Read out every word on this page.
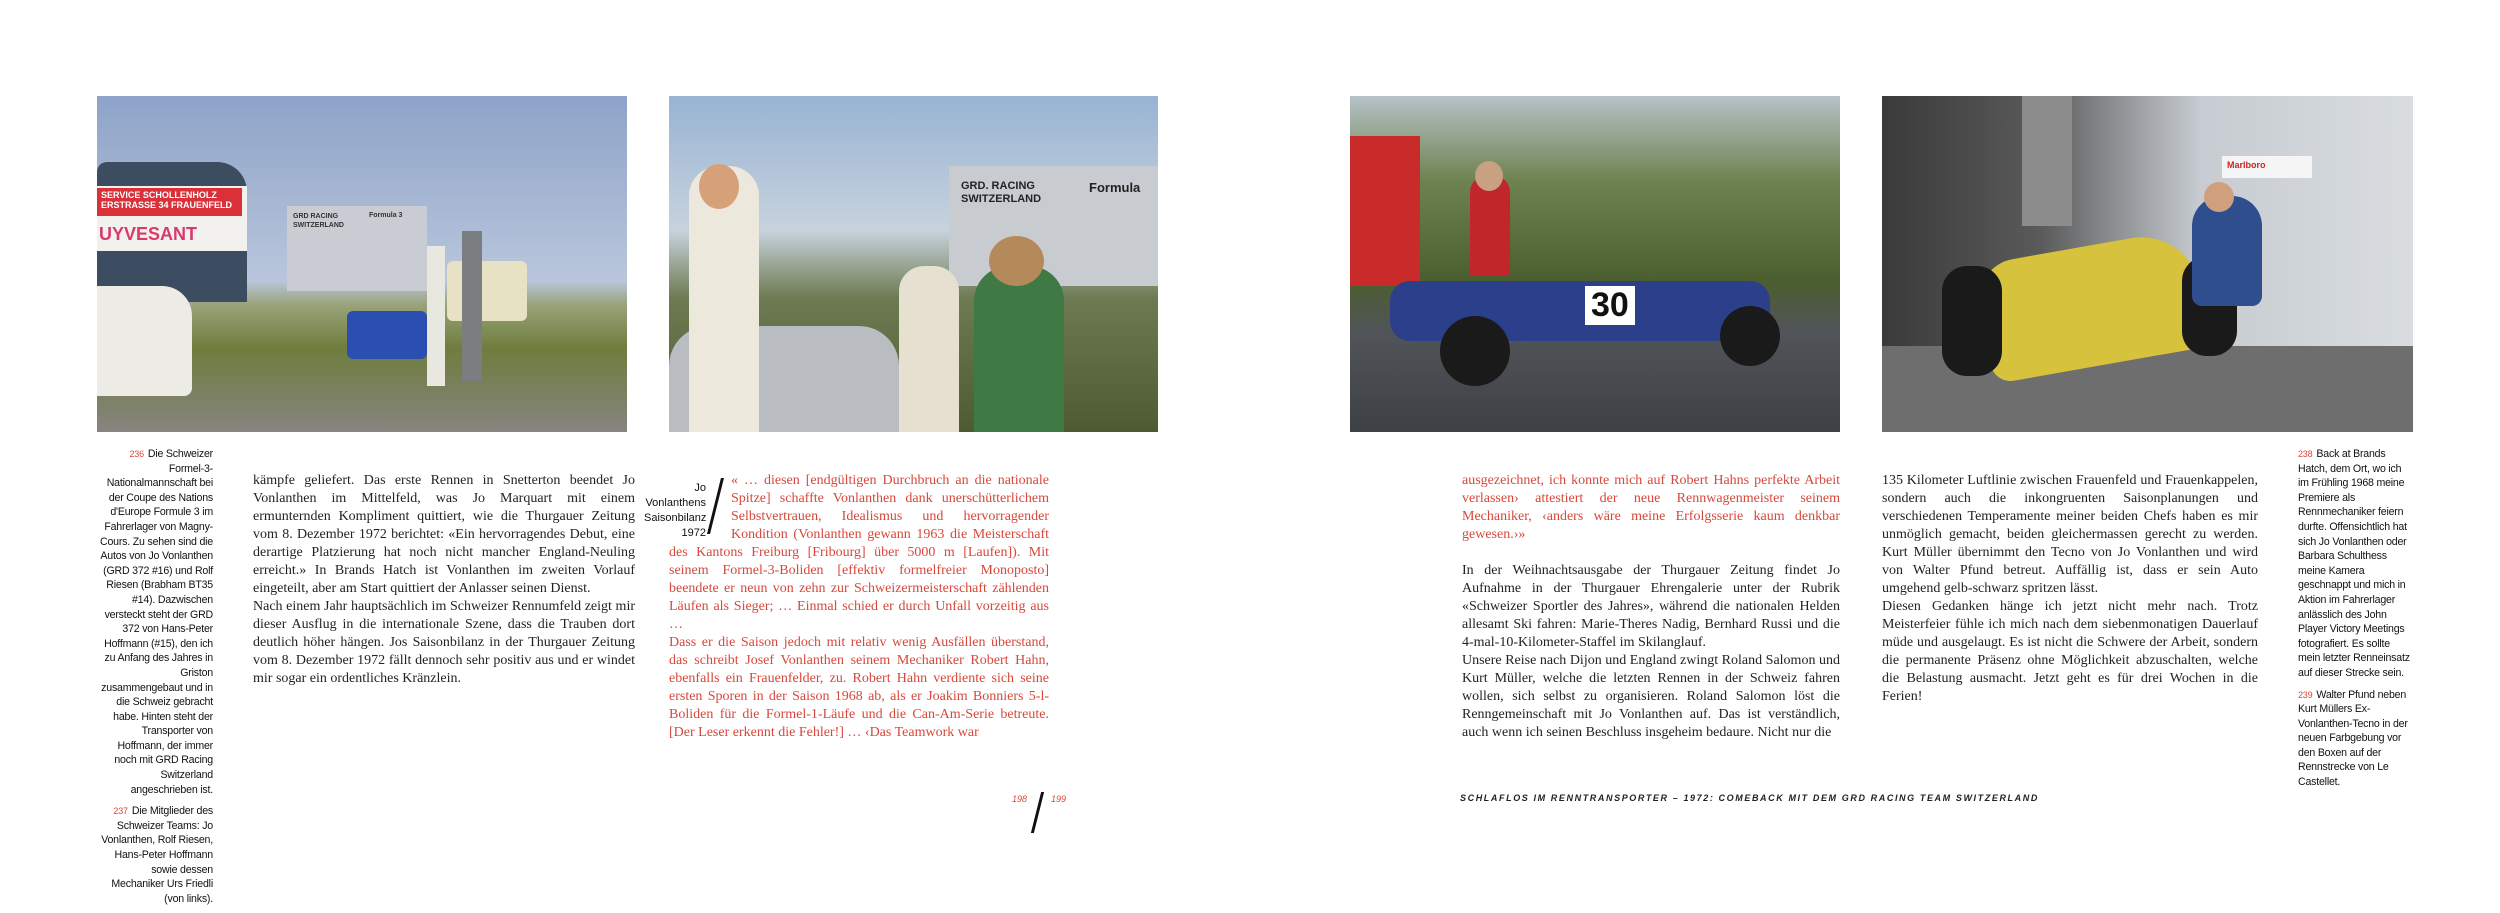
SERVICE SCHOLLENHOLZ
ERSTRASSE 34 FRAUENFELD
UYVESANT
GRD RACING SWITZERLAND
Formula 3
GRD. RACING SWITZERLAND
Formula
30
Marlboro

236 Die Schweizer Formel-3-Nationalmannschaft bei der Coupe des Nations d'Europe Formule 3 im Fahrerlager von Magny-Cours. Zu sehen sind die Autos von Jo Vonlanthen (GRD 372 #16) und Rolf Riesen (Brabham BT35 #14). Dazwischen versteckt steht der GRD 372 von Hans-Peter Hoffmann (#15), den ich zu Anfang des Jahres in Griston zusammengebaut und in die Schweiz gebracht habe. Hinten steht der Transporter von Hoffmann, der immer noch mit GRD Racing Switzerland angeschrieben ist.

237 Die Mitglieder des Schweizer Teams: Jo Vonlanthen, Rolf Riesen, Hans-Peter Hoffmann sowie dessen Mechaniker Urs Friedli (von links).

kämpfe geliefert. Das erste Rennen in Snetterton beendet Jo Vonlanthen im Mittelfeld, was Jo Marquart mit einem ermunternden Kompliment quittiert, wie die Thurgauer Zeitung vom 8. Dezember 1972 berichtet: «Ein hervorragendes Debut, eine derartige Platzierung hat noch nicht mancher England-Neuling erreicht.» In Brands Hatch ist Vonlanthen im zweiten Vorlauf eingeteilt, aber am Start quittiert der Anlasser seinen Dienst.

Nach einem Jahr hauptsächlich im Schweizer Rennumfeld zeigt mir dieser Ausflug in die internationale Szene, dass die Trauben dort deutlich höher hängen. Jos Saisonbilanz in der Thurgauer Zeitung vom 8. Dezember 1972 fällt dennoch sehr positiv aus und er windet mir sogar ein ordentliches Kränzlein.

Jo Vonlanthens
Saisonbilanz
1972

« … diesen [endgültigen Durchbruch an die nationale Spitze] schaffte Vonlanthen dank unerschütterlichem Selbstvertrauen, Idealismus und hervorragender Kondition (Vonlanthen gewann 1963 die Meisterschaft des Kantons Freiburg [Fribourg] über 5000 m [Laufen]). Mit seinem Formel-3-Boliden [effektiv formelfreier Monoposto] beendete er neun von zehn zur Schweizermeisterschaft zählenden Läufen als Sieger; … Einmal schied er durch Unfall vorzeitig aus …

Dass er die Saison jedoch mit relativ wenig Ausfällen überstand, das schreibt Josef Vonlanthen seinem Mechaniker Robert Hahn, ebenfalls ein Frauenfelder, zu. Robert Hahn verdiente sich seine ersten Sporen in der Saison 1968 ab, als er Joakim Bonniers 5-l-Boliden für die Formel-1-Läufe und die Can-Am-Serie betreute. [Der Leser erkennt die Fehler!] … ‹Das Teamwork war

ausgezeichnet, ich konnte mich auf Robert Hahns perfekte Arbeit verlassen› attestiert der neue Rennwagenmeister seinem Mechaniker, ‹anders wäre meine Erfolgsserie kaum denkbar gewesen.›»

In der Weihnachtsausgabe der Thurgauer Zeitung findet Jo Aufnahme in der Thurgauer Ehrengalerie unter der Rubrik «Schweizer Sportler des Jahres», während die nationalen Helden allesamt Ski fahren: Marie-Theres Nadig, Bernhard Russi und die 4-mal-10-Kilometer-Staffel im Skilanglauf.

Unsere Reise nach Dijon und England zwingt Roland Salomon und Kurt Müller, welche die letzten Rennen in der Schweiz fahren wollen, sich selbst zu organisieren. Roland Salomon löst die Renngemeinschaft mit Jo Vonlanthen auf. Das ist verständlich, auch wenn ich seinen Beschluss insgeheim bedaure. Nicht nur die

135 Kilometer Luftlinie zwischen Frauenfeld und Frauenkappelen, sondern auch die inkongruenten Saisonplanungen und verschiedenen Temperamente meiner beiden Chefs haben es mir unmöglich gemacht, beiden gleichermassen gerecht zu werden. Kurt Müller übernimmt den Tecno von Jo Vonlanthen und wird von Walter Pfund betreut. Auffällig ist, dass er sein Auto umgehend gelb-schwarz spritzen lässt.

Diesen Gedanken hänge ich jetzt nicht mehr nach. Trotz Meisterfeier fühle ich mich nach dem siebenmonatigen Dauerlauf müde und ausgelaugt. Es ist nicht die Schwere der Arbeit, sondern die permanente Präsenz ohne Möglichkeit abzuschalten, welche die Belastung ausmacht. Jetzt geht es für drei Wochen in die Ferien!

238 Back at Brands Hatch, dem Ort, wo ich im Frühling 1968 meine Premiere als Rennmechaniker feiern durfte. Offensichtlich hat sich Jo Vonlanthen oder Barbara Schulthess meine Kamera geschnappt und mich in Aktion im Fahrerlager anlässlich des John Player Victory Meetings fotografiert. Es sollte mein letzter Renneinsatz auf dieser Strecke sein.

239 Walter Pfund neben Kurt Müllers Ex-Vonlanthen-Tecno in der neuen Farbgebung vor den Boxen auf der Rennstrecke von Le Castellet.

198	199	SCHLAFLOS IM RENNTRANSPORTER – 1972: COMEBACK MIT DEM GRD RACING TEAM SWITZERLAND
